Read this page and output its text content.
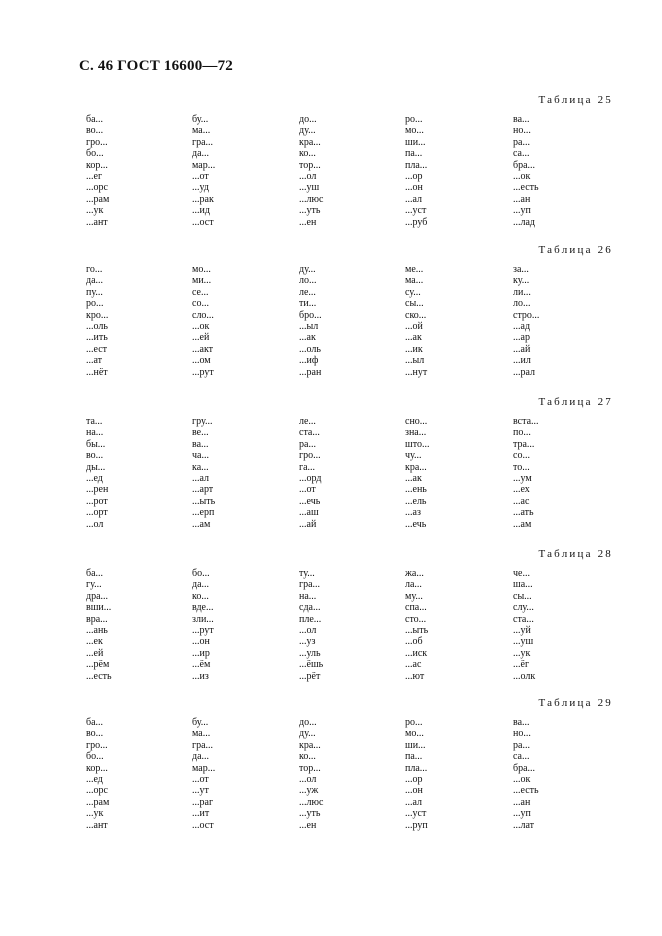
С. 46 ГОСТ 16600—72
Таблица 25
ба...
во...
гро...
бо...
кор...
...ег
...орс
...рам
...ук
...ант
бу...
ма...
гра...
да...
мар...
...от
...уд
...рак
...ид
...ост
до...
ду...
кра...
ко...
тор...
...ол
...уш
...люс
...уть
...ен
ро...
мо...
ши...
па...
пла...
...ор
...он
...ал
...уст
...руб
ва...
но...
ра...
са...
бра...
...ок
...есть
...ан
...уп
...лад
Таблица 26
го...
да...
пу...
ро...
кро...
...оль
...ить
...ест
...ат
...нёт
мо...
ми...
се...
со...
сло...
...ок
...ей
...акт
...ом
...рут
ду...
ло...
ле...
ти...
бро...
...ыл
...ак
...оль
...иф
...ран
ме...
ма...
су...
сы...
ско...
...ой
...ак
...ик
...ыл
...нут
за...
ку...
ли...
ло...
стро...
...ад
...ар
...ай
...ил
...рал
Таблица 27
та...
на...
бы...
во...
ды...
...ед
...рен
...рот
...орт
...ол
гру...
ве...
ва...
ча...
ка...
...ал
...арт
...ыть
...ерп
...ам
ле...
ста...
ра...
гро...
га...
...орд
...от
...ечь
...аш
...ай
сно...
зна...
што...
чу...
кра...
...ак
...ень
...ель
...аз
...ечь
вста...
по...
тра...
со...
то...
...ум
...ех
...ас
...ать
...ам
Таблица 28
ба...
гу...
дра...
вши...
вра...
...ань
...ек
...ей
...рём
...есть
бо...
да...
ко...
вде...
зли...
...рут
...он
...ир
...ём
...из
ту...
гра...
на...
сда...
пле...
...ол
...уз
...уль
...ёшь
...рёт
жа...
ла...
му...
спа...
сто...
...ыть
...об
...иск
...ас
...ют
че...
ша...
сы...
слу...
ста...
...уй
...уш
...ук
...ёг
...олк
Таблица 29
ба...
во...
гро...
бо...
кор...
...ед
...орс
...рам
...ук
...ант
бу...
ма...
гра...
да...
мар...
...от
...ут
...раг
...ит
...ост
до...
ду...
кра...
ко...
тор...
...ол
...уж
...люс
...уть
...ен
ро...
мо...
ши...
па...
пла...
...ор
...он
...ал
...уст
...руп
ва...
но...
ра...
са...
бра...
...ок
...есть
...ан
...уп
...лат
